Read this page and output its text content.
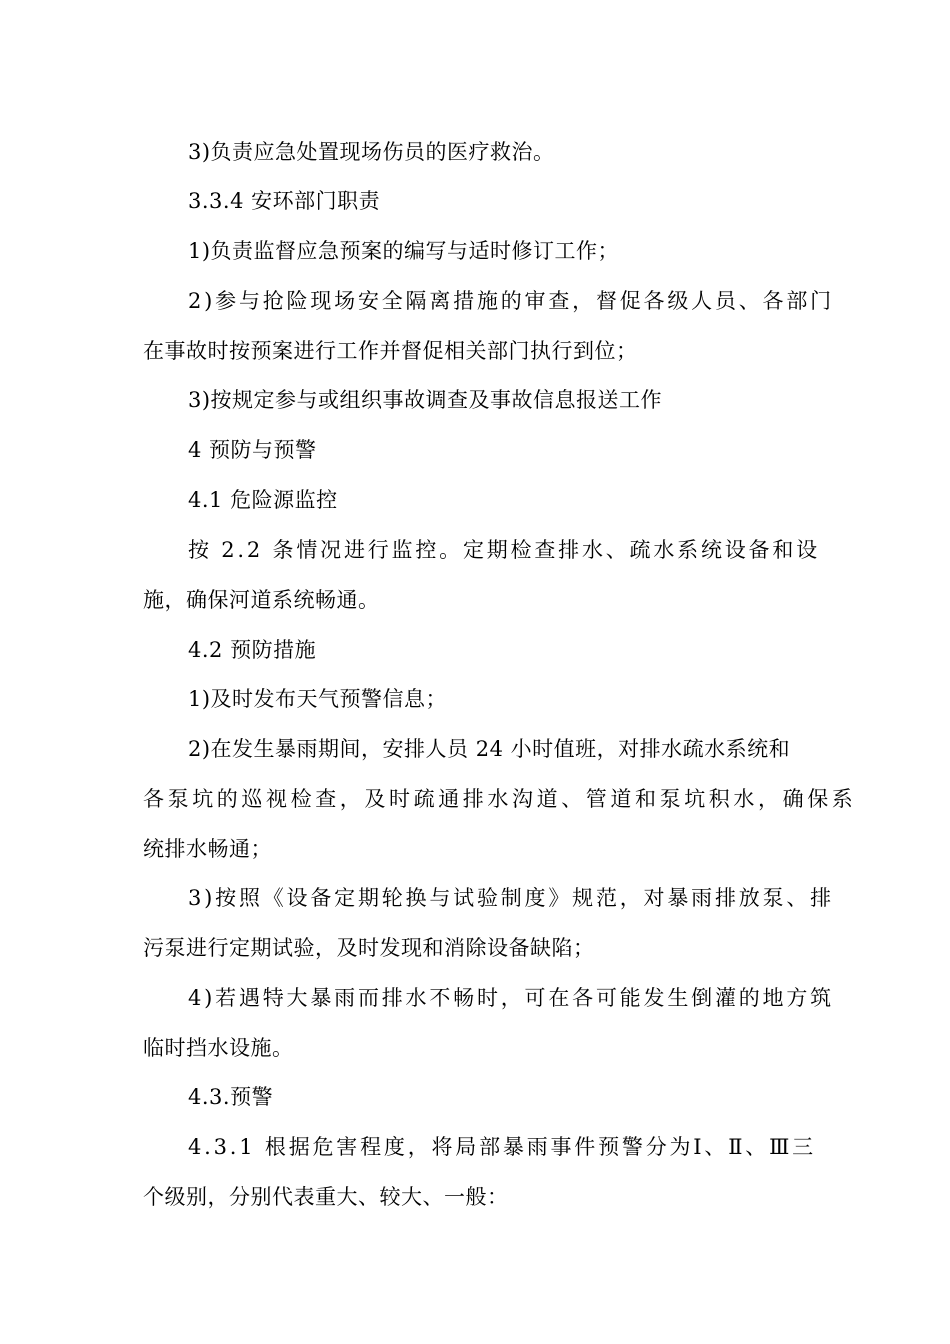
3)负责应急处置现场伤员的医疗救治。
3.3.4 安环部门职责
1)负责监督应急预案的编写与适时修订工作；
2)参与抢险现场安全隔离措施的审查，督促各级人员、各部门
在事故时按预案进行工作并督促相关部门执行到位；
3)按规定参与或组织事故调查及事故信息报送工作
4 预防与预警
4.1 危险源监控
按 2.2 条情况进行监控。定期检查排水、疏水系统设备和设
施，确保河道系统畅通。
4.2 预防措施
1)及时发布天气预警信息；
2)在发生暴雨期间，安排人员 24 小时值班，对排水疏水系统和
各泵坑的巡视检查，及时疏通排水沟道、管道和泵坑积水，确保系
统排水畅通；
3)按照《设备定期轮换与试验制度》规范，对暴雨排放泵、排
污泵进行定期试验，及时发现和消除设备缺陷；
4)若遇特大暴雨而排水不畅时，可在各可能发生倒灌的地方筑
临时挡水设施。
4.3.预警
4.3.1 根据危害程度，将局部暴雨事件预警分为Ⅰ、Ⅱ、Ⅲ三
个级别，分别代表重大、较大、一般：
